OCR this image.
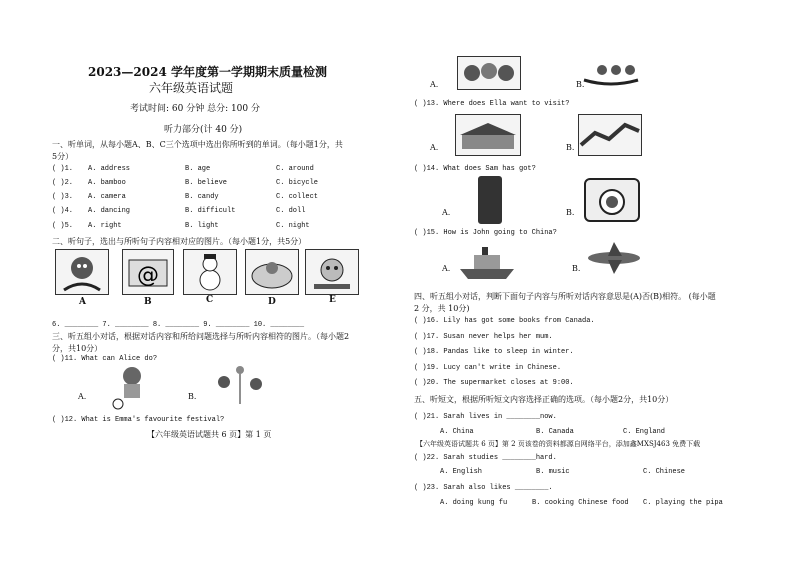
2023—2024 学年度第一学期期末质量检测
六年级英语试题
考试时间: 60 分钟 总分: 100 分
听力部分(计 40 分)
一、听单词，从每小题A、B、C三个选项中选出你所听到的单词。（每小题1分，共
5分）
( )1. A. address	B. age	C. around
( )2. A. bamboo	B. believe	C. bicycle
( )3. A. camera	B. candy	C. collect
( )4. A. dancing	B. difficult	C. doll
( )5. A. right	B. light	C. night
二、听句子，选出与所听句子内容相对应的图片。（每小题1分，共5分）
@
A	B	C	D	E
6. ________ 7. ________ 8. ________ 9. ________ 10. ________
三、听五组小对话，根据对话内容和所给问题选择与所听内容相符的图片。（每小题2
分，共10分）
( )11. What can Alice do?
A.	B.
( )12. What is Emma's favourite festival?
【六年级英语试题共 6 页】第 1 页
A.	B.
( )13. Where does Ella want to visit?
A.	B.
( )14. What does Sam has got?
A.	B.
( )15. How is John going to China?
A.	B.
四、听五组小对话，判断下面句子内容与所听对话内容意思是(A)否(B)相符。 (每小题
2 分，共 10分)
( )16. Lily has got some books from Canada.
( )17. Susan never helps her mum.
( )18. Pandas like to sleep in winter.
( )19. Lucy can't write in Chinese.
( )20. The supermarket closes at 9:00.
五、听短文，根据所听短文内容选择正确的选项。（每小题2分，共10分）
( )21. Sarah lives in ________now.
A. China	B. Canada	C. England
【六年级英语试题共 6 页】第 2 页该卷的资料都源自网络平台，添加鑫MXSJ463 免费下载
( )22. Sarah studies ________hard.
A. English	B. music	C. Chinese
( )23. Sarah also likes ________.
A. doing kung fu	B. cooking Chinese food C. playing the pipa
